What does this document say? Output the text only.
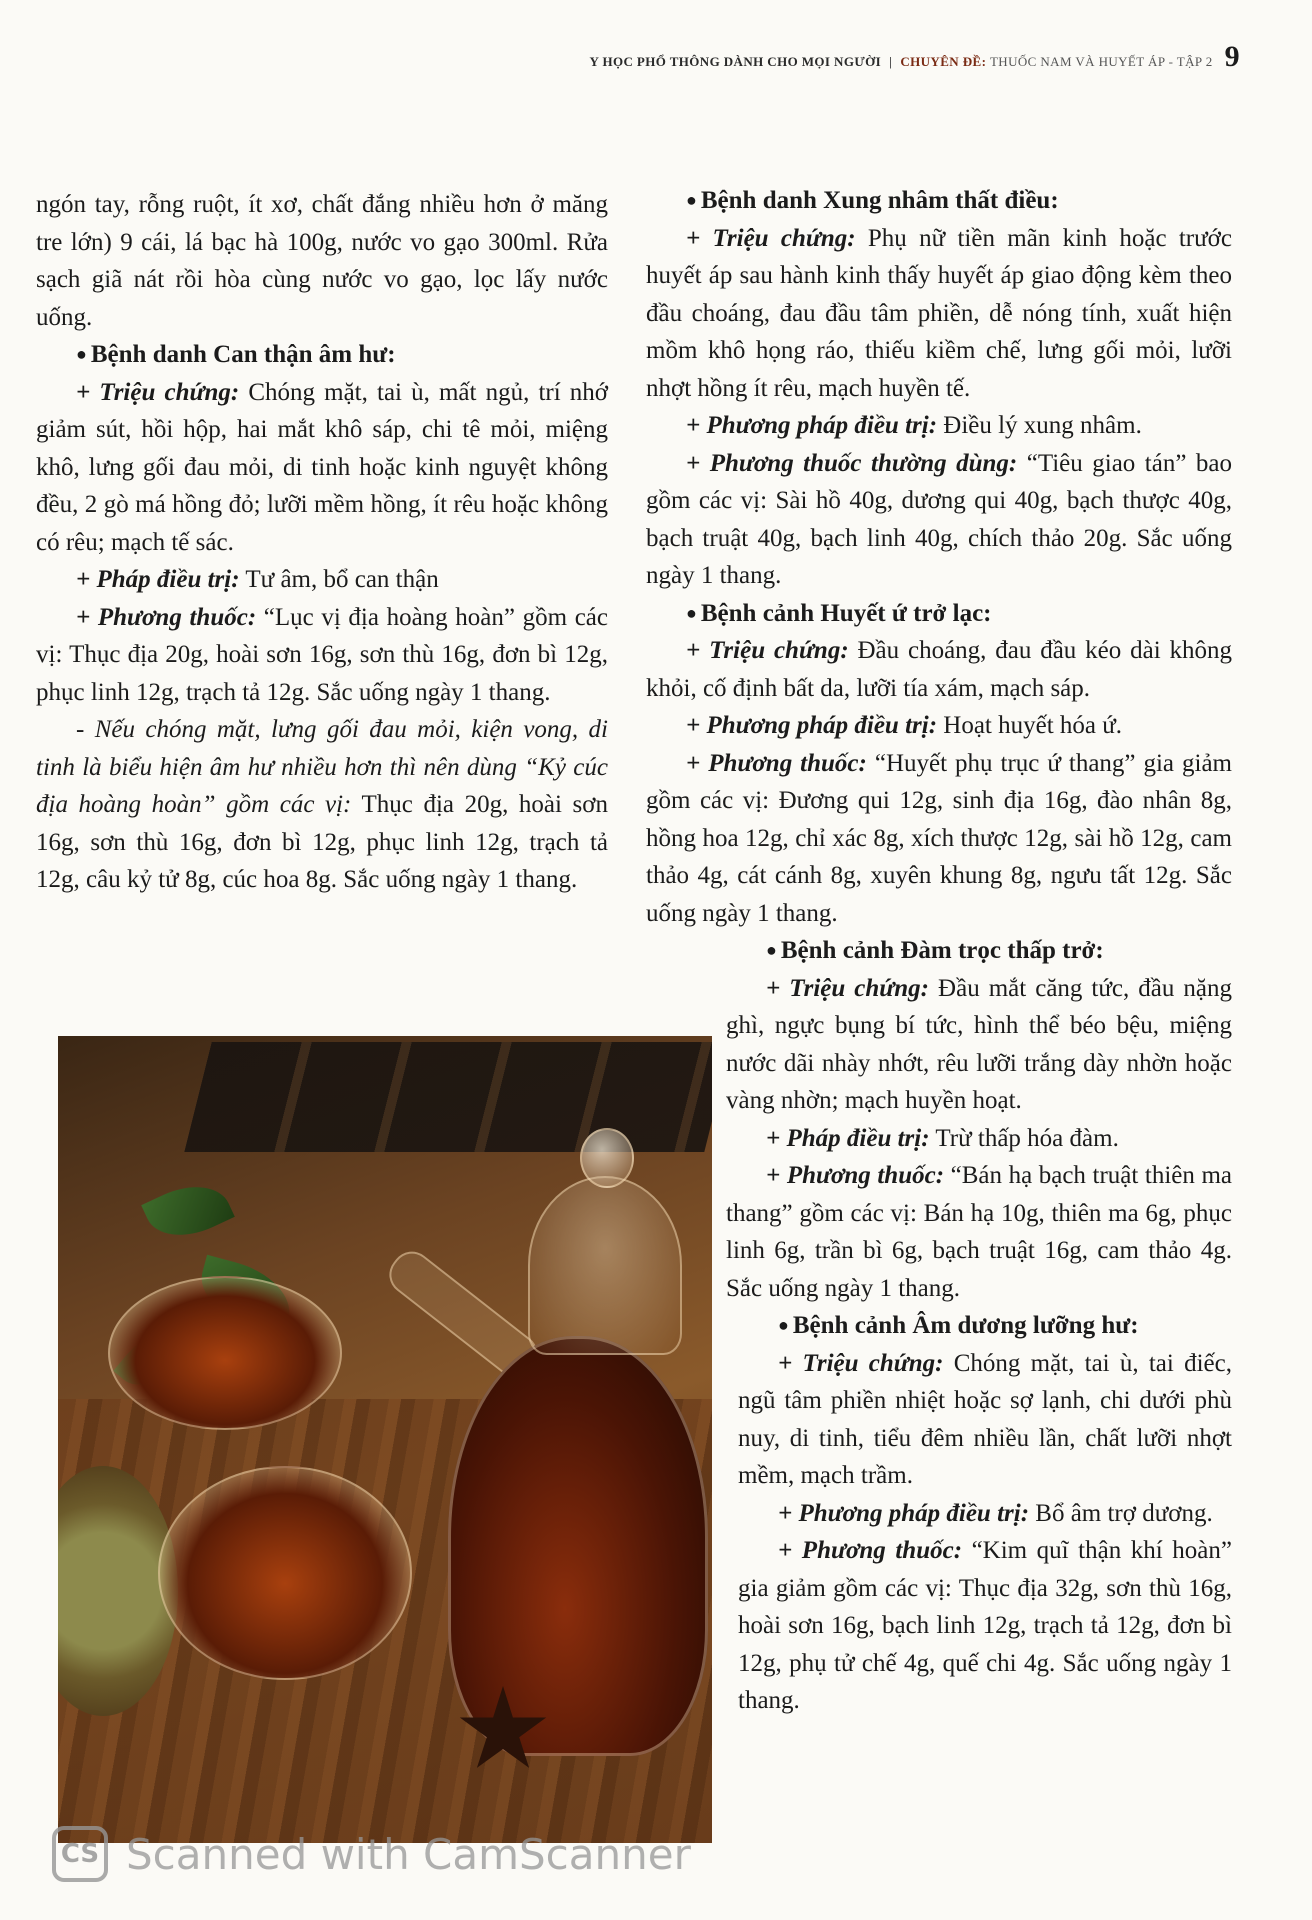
Y HỌC PHỔ THÔNG DÀNH CHO MỌI NGƯỜI | CHUYÊN ĐỀ: THUỐC NAM VÀ HUYẾT ÁP - TẬP 2 9

ngón tay, rỗng ruột, ít xơ, chất đắng nhiều hơn ở măng tre lớn) 9 cái, lá bạc hà 100g, nước vo gạo 300ml. Rửa sạch giã nát rồi hòa cùng nước vo gạo, lọc lấy nước uống.

● Bệnh danh Can thận âm hư:

+ Triệu chứng: Chóng mặt, tai ù, mất ngủ, trí nhớ giảm sút, hồi hộp, hai mắt khô sáp, chi tê mỏi, miệng khô, lưng gối đau mỏi, di tinh hoặc kinh nguyệt không đều, 2 gò má hồng đỏ; lưỡi mềm hồng, ít rêu hoặc không có rêu; mạch tế sác.

+ Pháp điều trị: Tư âm, bổ can thận

+ Phương thuốc: “Lục vị địa hoàng hoàn” gồm các vị: Thục địa 20g, hoài sơn 16g, sơn thù 16g, đơn bì 12g, phục linh 12g, trạch tả 12g. Sắc uống ngày 1 thang.

- Nếu chóng mặt, lưng gối đau mỏi, kiện vong, di tinh là biểu hiện âm hư nhiều hơn thì nên dùng “Kỷ cúc địa hoàng hoàn” gồm các vị: Thục địa 20g, hoài sơn 16g, sơn thù 16g, đơn bì 12g, phục linh 12g, trạch tả 12g, câu kỷ tử 8g, cúc hoa 8g. Sắc uống ngày 1 thang.

● Bệnh danh Xung nhâm thất điều:

+ Triệu chứng: Phụ nữ tiền mãn kinh hoặc trước huyết áp sau hành kinh thấy huyết áp giao động kèm theo đầu choáng, đau đầu tâm phiền, dễ nóng tính, xuất hiện mồm khô họng ráo, thiếu kiềm chế, lưng gối mỏi, lưỡi nhợt hồng ít rêu, mạch huyền tế.

+ Phương pháp điều trị: Điều lý xung nhâm.

+ Phương thuốc thường dùng: “Tiêu giao tán” bao gồm các vị: Sài hồ 40g, dương qui 40g, bạch thược 40g, bạch truật 40g, bạch linh 40g, chích thảo 20g. Sắc uống ngày 1 thang.

● Bệnh cảnh Huyết ứ trở lạc:

+ Triệu chứng: Đầu choáng, đau đầu kéo dài không khỏi, cố định bất da, lưỡi tía xám, mạch sáp.

+ Phương pháp điều trị: Hoạt huyết hóa ứ.

+ Phương thuốc: “Huyết phụ trục ứ thang” gia giảm gồm các vị: Đương qui 12g, sinh địa 16g, đào nhân 8g, hồng hoa 12g, chỉ xác 8g, xích thược 12g, sài hồ 12g, cam thảo 4g, cát cánh 8g, xuyên khung 8g, ngưu tất 12g. Sắc uống ngày 1 thang.

● Bệnh cảnh Đàm trọc thấp trở:

+ Triệu chứng: Đầu mắt căng tức, đầu nặng ghì, ngực bụng bí tức, hình thể béo bệu, miệng nước dãi nhày nhớt, rêu lưỡi trắng dày nhờn hoặc vàng nhờn; mạch huyền hoạt.

+ Pháp điều trị: Trừ thấp hóa đàm.

+ Phương thuốc: “Bán hạ bạch truật thiên ma thang” gồm các vị: Bán hạ 10g, thiên ma 6g, phục linh 6g, trần bì 6g, bạch truật 16g, cam thảo 4g. Sắc uống ngày 1 thang.

● Bệnh cảnh Âm dương lưỡng hư:

+ Triệu chứng: Chóng mặt, tai ù, tai điếc, ngũ tâm phiền nhiệt hoặc sợ lạnh, chi dưới phù nuy, di tinh, tiểu đêm nhiều lần, chất lưỡi nhợt mềm, mạch trầm.

+ Phương pháp điều trị: Bổ âm trợ dương.

+ Phương thuốc: “Kim quĩ thận khí hoàn” gia giảm gồm các vị: Thục địa 32g, sơn thù 16g, hoài sơn 16g, bạch linh 12g, trạch tả 12g, đơn bì 12g, phụ tử chế 4g, quế chi 4g. Sắc uống ngày 1 thang.

CS Scanned with CamScanner
